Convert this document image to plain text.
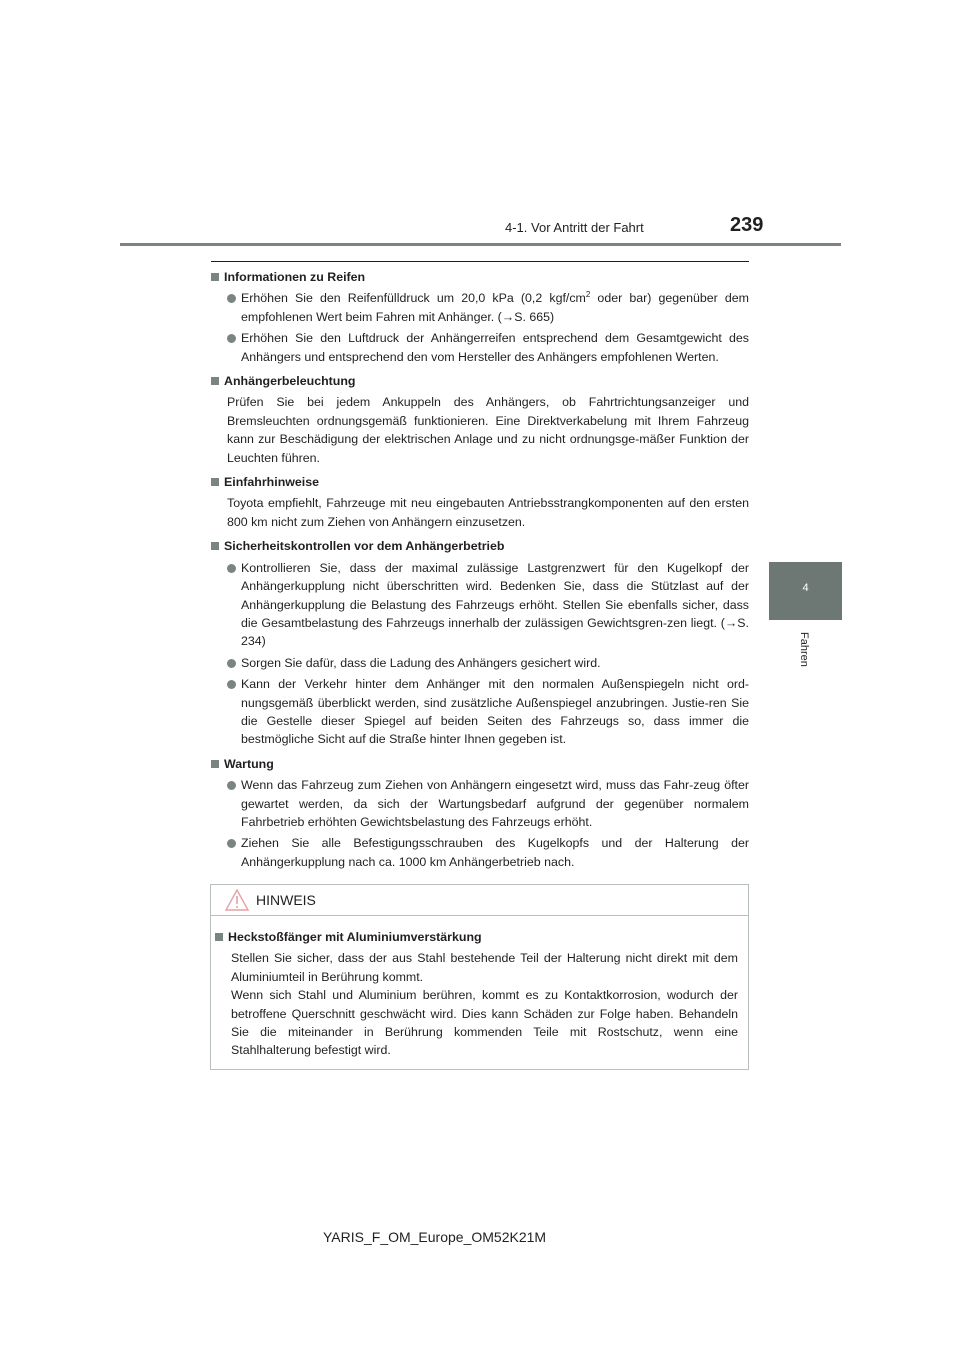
4-1. Vor Antritt der Fahrt	239
4
Fahren
Informationen zu Reifen
Erhöhen Sie den Reifenfülldruck um 20,0 kPa (0,2 kgf/$cm^2$ oder bar) gegenüber dem empfohlenen Wert beim Fahren mit Anhänger. (→S. 665)
Erhöhen Sie den Luftdruck der Anhängerreifen entsprechend dem Gesamtgewicht des Anhängers und entsprechend den vom Hersteller des Anhängers empfohlenen Werten.
Anhängerbeleuchtung
Prüfen Sie bei jedem Ankuppeln des Anhängers, ob Fahrtrichtungsanzeiger und Bremsleuchten ordnungsgemäß funktionieren. Eine Direktverkabelung mit Ihrem Fahrzeug kann zur Beschädigung der elektrischen Anlage und zu nicht ordnungsge-mäßer Funktion der Leuchten führen.
Einfahrhinweise
Toyota empfiehlt, Fahrzeuge mit neu eingebauten Antriebsstrangkomponenten auf den ersten 800 km nicht zum Ziehen von Anhängern einzusetzen.
Sicherheitskontrollen vor dem Anhängerbetrieb
Kontrollieren Sie, dass der maximal zulässige Lastgrenzwert für den Kugelkopf der Anhängerkupplung nicht überschritten wird. Bedenken Sie, dass die Stützlast auf der Anhängerkupplung die Belastung des Fahrzeugs erhöht. Stellen Sie ebenfalls sicher, dass die Gesamtbelastung des Fahrzeugs innerhalb der zulässigen Gewichtsgren-zen liegt. (→S. 234)
Sorgen Sie dafür, dass die Ladung des Anhängers gesichert wird.
Kann der Verkehr hinter dem Anhänger mit den normalen Außenspiegeln nicht ord-nungsgemäß überblickt werden, sind zusätzliche Außenspiegel anzubringen. Justie-ren Sie die Gestelle dieser Spiegel auf beiden Seiten des Fahrzeugs so, dass immer die bestmögliche Sicht auf die Straße hinter Ihnen gegeben ist.
Wartung
Wenn das Fahrzeug zum Ziehen von Anhängern eingesetzt wird, muss das Fahr-zeug öfter gewartet werden, da sich der Wartungsbedarf aufgrund der gegenüber normalem Fahrbetrieb erhöhten Gewichtsbelastung des Fahrzeugs erhöht.
Ziehen Sie alle Befestigungsschrauben des Kugelkopfs und der Halterung der Anhängerkupplung nach ca. 1000 km Anhängerbetrieb nach.
HINWEIS
Heckstoßfänger mit Aluminiumverstärkung
Stellen Sie sicher, dass der aus Stahl bestehende Teil der Halterung nicht direkt mit dem Aluminiumteil in Berührung kommt.
Wenn sich Stahl und Aluminium berühren, kommt es zu Kontaktkorrosion, wodurch der betroffene Querschnitt geschwächt wird. Dies kann Schäden zur Folge haben. Behandeln Sie die miteinander in Berührung kommenden Teile mit Rostschutz, wenn eine Stahlhalterung befestigt wird.
YARIS_F_OM_Europe_OM52K21M
